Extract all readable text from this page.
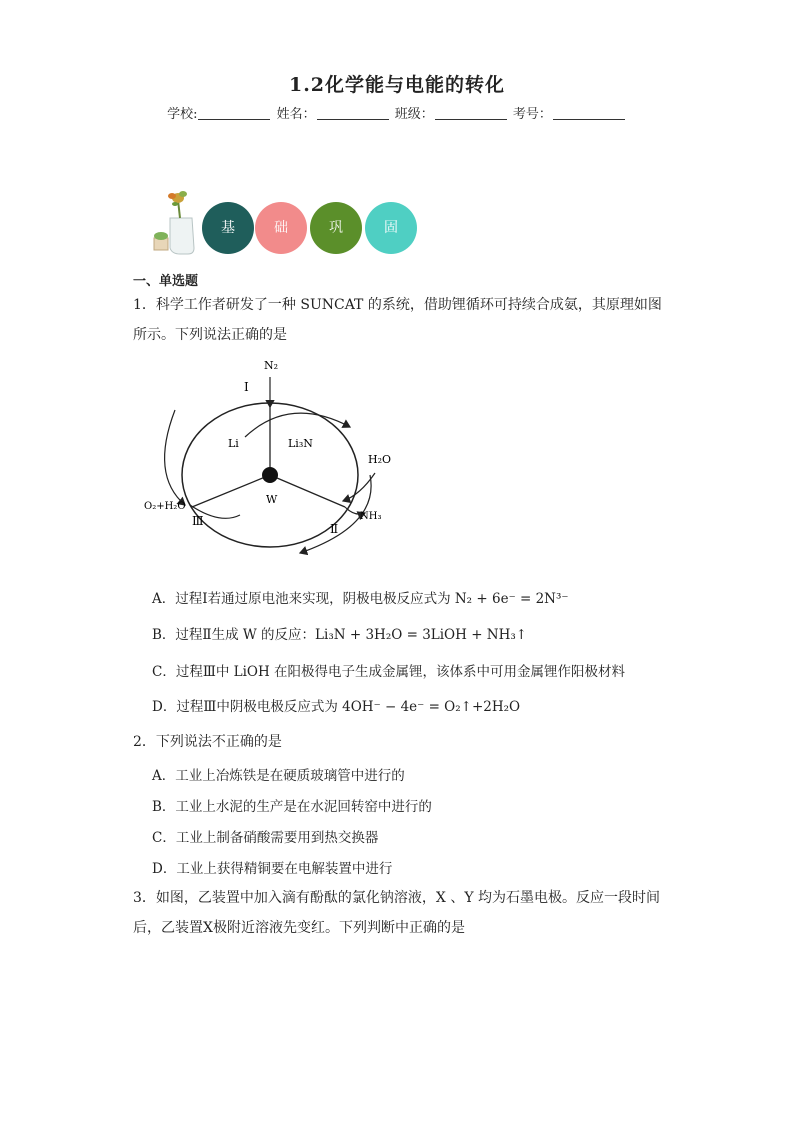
1.2化学能与电能的转化
学校:	姓名：	班级：	考号：
基	础	巩	固
一、单选题
1．科学工作者研发了一种 SUNCAT 的系统，借助锂循环可持续合成氨，其原理如图
所示。下列说法正确的是
N₂
Ⅰ
Li	Li₃N
H₂O
W
O₂+H₂O
NH₃
Ⅱ
Ⅲ
A．过程Ⅰ若通过原电池来实现，阴极电极反应式为 N₂ + 6e⁻ = 2N³⁻
B．过程Ⅱ生成 W 的反应：Li₃N + 3H₂O = 3LiOH + NH₃↑
C．过程Ⅲ中 LiOH 在阳极得电子生成金属锂，该体系中可用金属锂作阳极材料
D．过程Ⅲ中阴极电极反应式为 4OH⁻ − 4e⁻ = O₂↑+2H₂O
2．下列说法不正确的是
A．工业上冶炼铁是在硬质玻璃管中进行的
B．工业上水泥的生产是在水泥回转窑中进行的
C．工业上制备硝酸需要用到热交换器
D．工业上获得精铜要在电解装置中进行
3．如图，乙装置中加入滴有酚酞的氯化钠溶液，X 、Y 均为石墨电极。反应一段时间
后，乙装置X极附近溶液先变红。下列判断中正确的是
